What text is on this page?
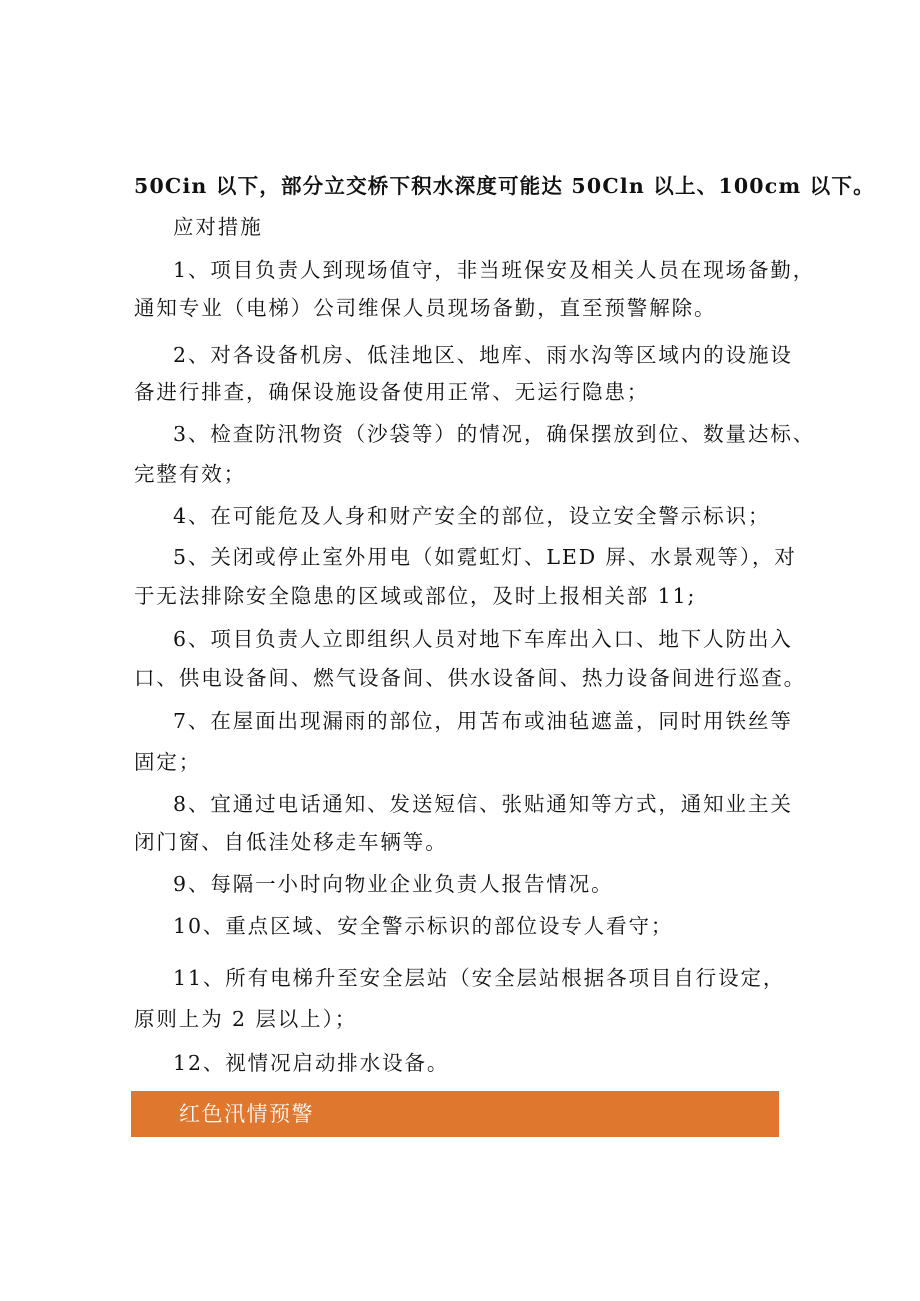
50Cin 以下，部分立交桥下积水深度可能达 50Cln 以上、100cm 以下。
应对措施
1、项目负责人到现场值守，非当班保安及相关人员在现场备勤，
通知专业（电梯）公司维保人员现场备勤，直至预警解除。
2、对各设备机房、低洼地区、地库、雨水沟等区域内的设施设
备进行排查，确保设施设备使用正常、无运行隐患；
3、检查防汛物资（沙袋等）的情况，确保摆放到位、数量达标、
完整有效；
4、在可能危及人身和财产安全的部位，设立安全警示标识；
5、关闭或停止室外用电（如霓虹灯、LED 屏、水景观等），对
于无法排除安全隐患的区域或部位，及时上报相关部 11;
6、项目负责人立即组织人员对地下车库出入口、地下人防出入
口、供电设备间、燃气设备间、供水设备间、热力设备间进行巡查。
7、在屋面出现漏雨的部位，用苫布或油毡遮盖，同时用铁丝等
固定；
8、宜通过电话通知、发送短信、张贴通知等方式，通知业主关
闭门窗、自低洼处移走车辆等。
9、每隔一小时向物业企业负责人报告情况。
10、重点区域、安全警示标识的部位设专人看守；
11、所有电梯升至安全层站（安全层站根据各项目自行设定，
原则上为 2 层以上）；
12、视情况启动排水设备。
红色汛情预警
